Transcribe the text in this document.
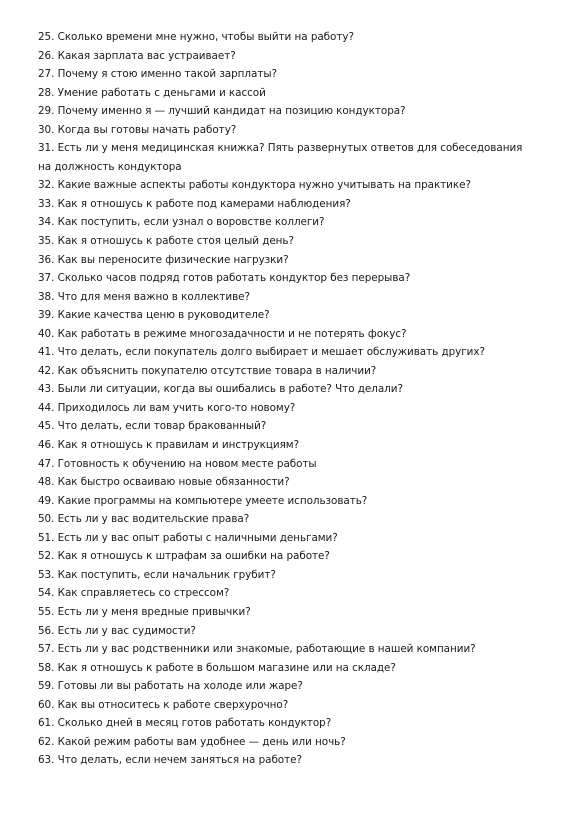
25. Сколько времени мне нужно, чтобы выйти на работу?
26. Какая зарплата вас устраивает?
27. Почему я стою именно такой зарплаты?
28. Умение работать с деньгами и кассой
29. Почему именно я — лучший кандидат на позицию кондуктора?
30. Когда вы готовы начать работу?
31. Есть ли у меня медицинская книжка? Пять развернутых ответов для собеседования на должность кондуктора
32. Какие важные аспекты работы кондуктора нужно учитывать на практике?
33. Как я отношусь к работе под камерами наблюдения?
34. Как поступить, если узнал о воровстве коллеги?
35. Как я отношусь к работе стоя целый день?
36. Как вы переносите физические нагрузки?
37. Сколько часов подряд готов работать кондуктор без перерыва?
38. Что для меня важно в коллективе?
39. Какие качества ценю в руководителе?
40. Как работать в режиме многозадачности и не потерять фокус?
41. Что делать, если покупатель долго выбирает и мешает обслуживать других?
42. Как объяснить покупателю отсутствие товара в наличии?
43. Были ли ситуации, когда вы ошибались в работе? Что делали?
44. Приходилось ли вам учить кого-то новому?
45. Что делать, если товар бракованный?
46. Как я отношусь к правилам и инструкциям?
47. Готовность к обучению на новом месте работы
48. Как быстро осваиваю новые обязанности?
49. Какие программы на компьютере умеете использовать?
50. Есть ли у вас водительские права?
51. Есть ли у вас опыт работы с наличными деньгами?
52. Как я отношусь к штрафам за ошибки на работе?
53. Как поступить, если начальник грубит?
54. Как справляетесь со стрессом?
55. Есть ли у меня вредные привычки?
56. Есть ли у вас судимости?
57. Есть ли у вас родственники или знакомые, работающие в нашей компании?
58. Как я отношусь к работе в большом магазине или на складе?
59. Готовы ли вы работать на холоде или жаре?
60. Как вы относитесь к работе сверхурочно?
61. Сколько дней в месяц готов работать кондуктор?
62. Какой режим работы вам удобнее — день или ночь?
63. Что делать, если нечем заняться на работе?
